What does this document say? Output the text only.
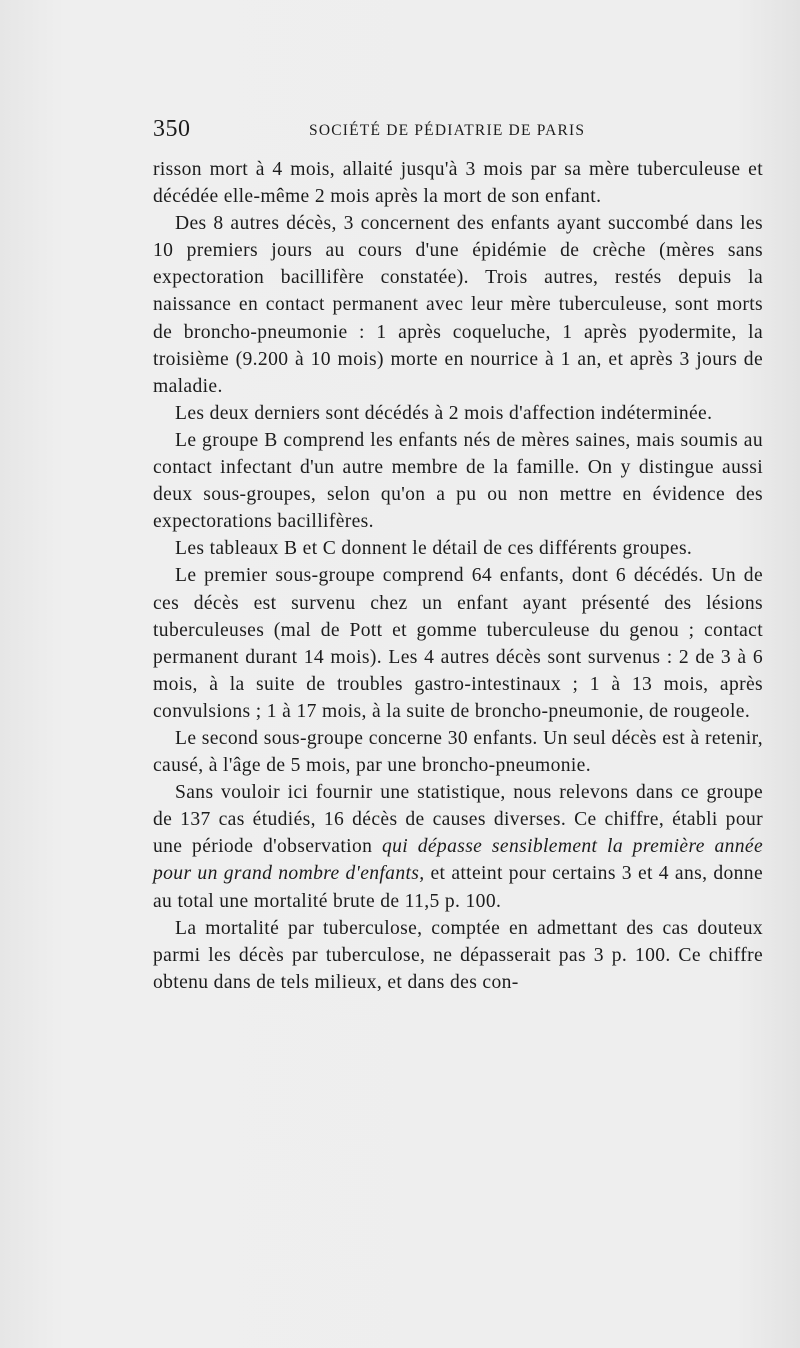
350	SOCIÉTÉ DE PÉDIATRIE DE PARIS

risson mort à 4 mois, allaité jusqu'à 3 mois par sa mère tuberculeuse et décédée elle-même 2 mois après la mort de son enfant.

Des 8 autres décès, 3 concernent des enfants ayant succombé dans les 10 premiers jours au cours d'une épidémie de crèche (mères sans expectoration bacillifère constatée). Trois autres, restés depuis la naissance en contact permanent avec leur mère tuberculeuse, sont morts de broncho-pneumonie : 1 après coqueluche, 1 après pyodermite, la troisième (9.200 à 10 mois) morte en nourrice à 1 an, et après 3 jours de maladie.

Les deux derniers sont décédés à 2 mois d'affection indéterminée.

Le groupe B comprend les enfants nés de mères saines, mais soumis au contact infectant d'un autre membre de la famille. On y distingue aussi deux sous-groupes, selon qu'on a pu ou non mettre en évidence des expectorations bacillifères.

Les tableaux B et C donnent le détail de ces différents groupes.

Le premier sous-groupe comprend 64 enfants, dont 6 décédés. Un de ces décès est survenu chez un enfant ayant présenté des lésions tuberculeuses (mal de Pott et gomme tuberculeuse du genou ; contact permanent durant 14 mois). Les 4 autres décès sont survenus : 2 de 3 à 6 mois, à la suite de troubles gastro-intestinaux ; 1 à 13 mois, après convulsions ; 1 à 17 mois, à la suite de broncho-pneumonie, de rougeole.

Le second sous-groupe concerne 30 enfants. Un seul décès est à retenir, causé, à l'âge de 5 mois, par une broncho-pneumonie.

Sans vouloir ici fournir une statistique, nous relevons dans ce groupe de 137 cas étudiés, 16 décès de causes diverses. Ce chiffre, établi pour une période d'observation qui dépasse sensiblement la première année pour un grand nombre d'enfants, et atteint pour certains 3 et 4 ans, donne au total une mortalité brute de 11,5 p. 100.

La mortalité par tuberculose, comptée en admettant des cas douteux parmi les décès par tuberculose, ne dépasserait pas 3 p. 100. Ce chiffre obtenu dans de tels milieux, et dans des con-
